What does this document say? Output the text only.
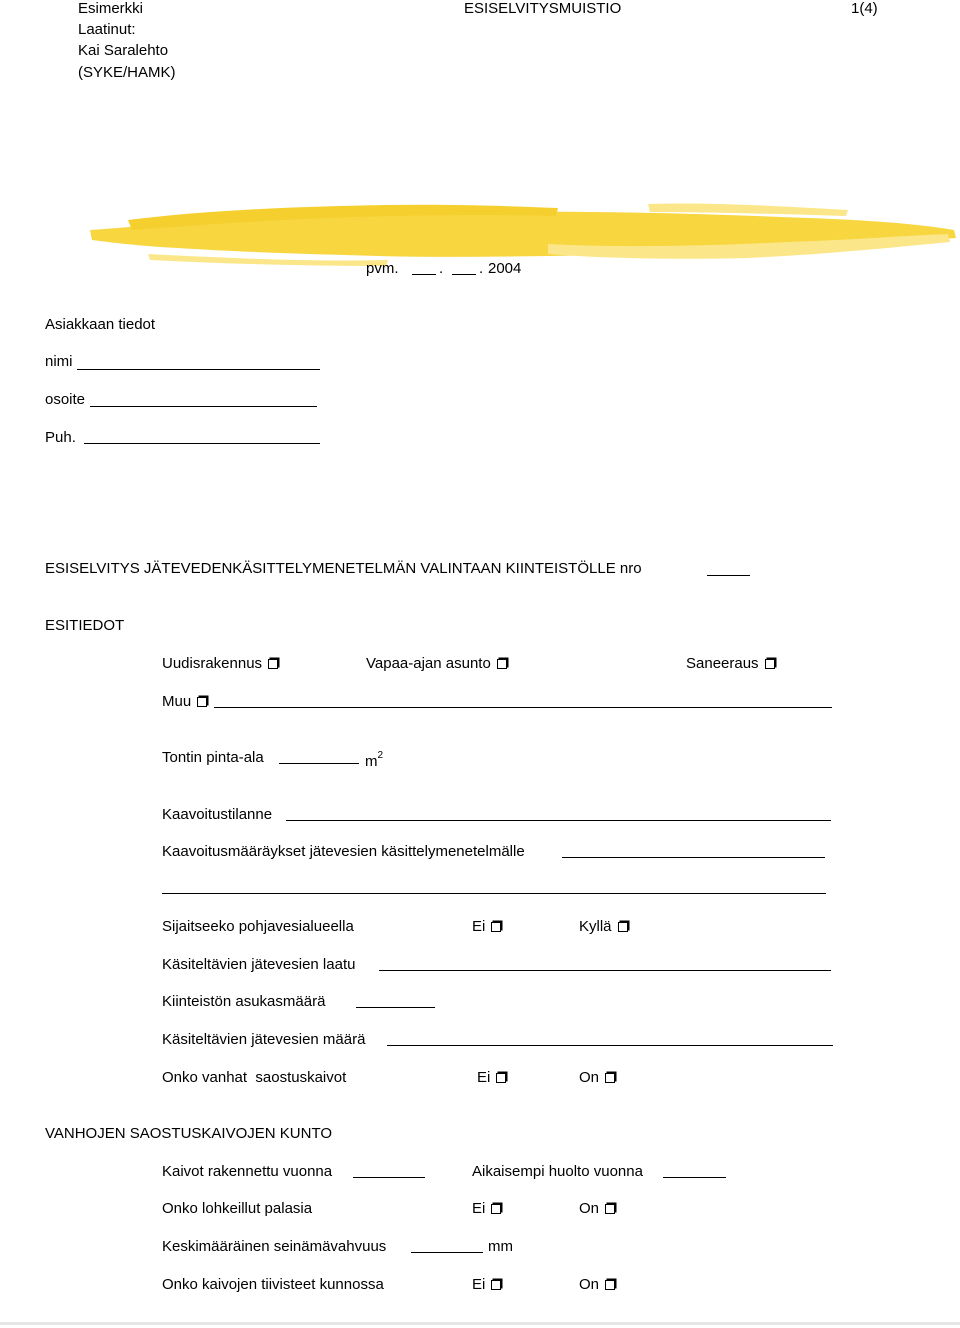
Esimerkki
Laatinut:
Kai Saralehto
(SYKE/HAMK)
ESISELVITYSMUISTIO	1(4)
pvm.	. . 2004
Asiakkaan tiedot
nimi
osoite
Puh.
ESISELVITYS JÄTEVEDENKÄSITTELYMENETELMÄN VALINTAAN KIINTEISTÖLLE nro
ESITIEDOT
Uudisrakennus	Vapaa-ajan asunto	Saneeraus
Muu
Tontin pinta-ala	$m^2$
Kaavoitustilanne
Kaavoitusmääräykset jätevesien käsittelymenetelmälle
Sijaitseeko pohjavesialueella	Ei	Kyllä
Käsiteltävien jätevesien laatu
Kiinteistön asukasmäärä
Käsiteltävien jätevesien määrä
Onko vanhat  saostuskaivot	Ei	On
VANHOJEN SAOSTUSKAIVOJEN KUNTO
Kaivot rakennettu vuonna	Aikaisempi huolto vuonna
Onko lohkeillut palasia	Ei	On
Keskimääräinen seinämävahvuus	mm
Onko kaivojen tiivisteet kunnossa	Ei	On
